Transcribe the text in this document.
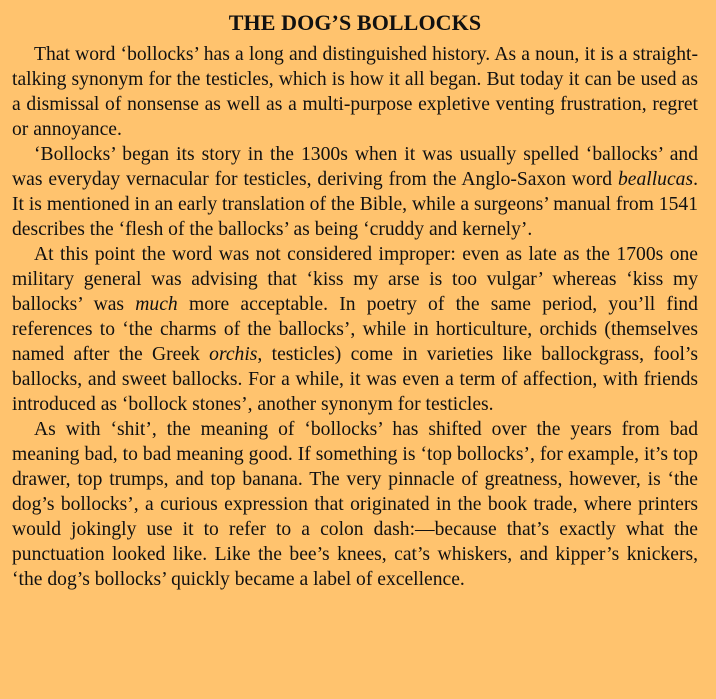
THE DOG’S BOLLOCKS

That word ‘bollocks’ has a long and distinguished history. As a noun, it is a straight-talking synonym for the testicles, which is how it all began. But today it can be used as a dismissal of nonsense as well as a multi-purpose expletive venting frustration, regret or annoyance.

‘Bollocks’ began its story in the 1300s when it was usually spelled ‘ballocks’ and was everyday vernacular for testicles, deriving from the Anglo-Saxon word beallucas. It is mentioned in an early translation of the Bible, while a surgeons’ manual from 1541 describes the ‘flesh of the ballocks’ as being ‘cruddy and kernely’.

At this point the word was not considered improper: even as late as the 1700s one military general was advising that ‘kiss my arse is too vulgar’ whereas ‘kiss my ballocks’ was much more acceptable. In poetry of the same period, you’ll find references to ‘the charms of the ballocks’, while in horticulture, orchids (themselves named after the Greek orchis, testicles) come in varieties like ballockgrass, fool’s ballocks, and sweet ballocks. For a while, it was even a term of affection, with friends introduced as ‘bollock stones’, another synonym for testicles.

As with ‘shit’, the meaning of ‘bollocks’ has shifted over the years from bad meaning bad, to bad meaning good. If something is ‘top bollocks’, for example, it’s top drawer, top trumps, and top banana. The very pinnacle of greatness, however, is ‘the dog’s bollocks’, a curious expression that originated in the book trade, where printers would jokingly use it to refer to a colon dash:—because that’s exactly what the punctuation looked like. Like the bee’s knees, cat’s whiskers, and kipper’s knickers, ‘the dog’s bollocks’ quickly became a label of excellence.
